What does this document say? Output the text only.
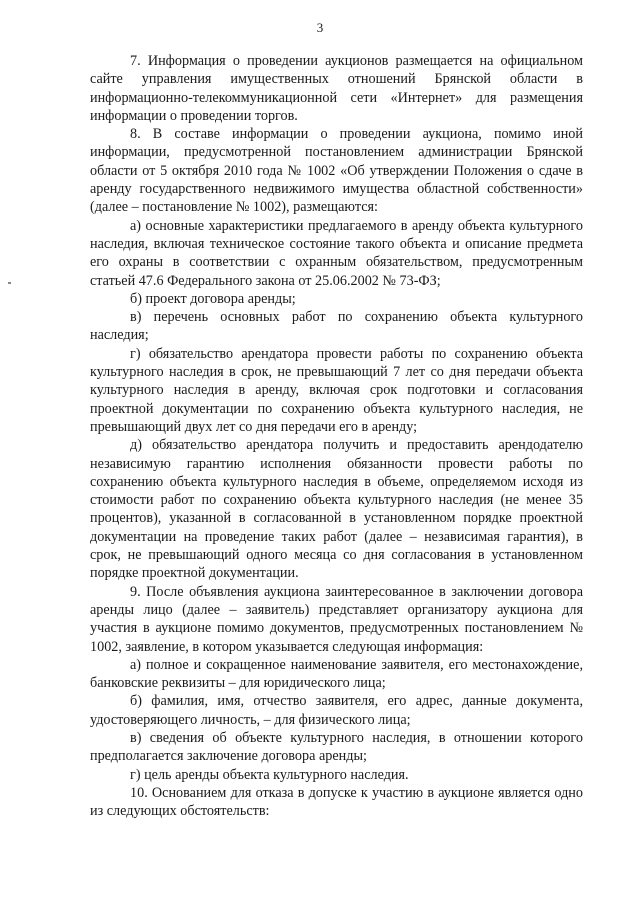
3

7. Информация о проведении аукционов размещается на официальном сайте управления имущественных отношений Брянской области в информационно-телекоммуникационной сети «Интернет» для размещения информации о проведении торгов.

8. В составе информации о проведении аукциона, помимо иной информации, предусмотренной постановлением администрации Брянской области от 5 октября 2010 года № 1002 «Об утверждении Положения о сдаче в аренду государственного недвижимого имущества областной собственности» (далее – постановление № 1002), размещаются:

а) основные характеристики предлагаемого в аренду объекта культурного наследия, включая техническое состояние такого объекта и описание предмета его охраны в соответствии с охранным обязательством, предусмотренным статьей 47.6 Федерального закона от 25.06.2002 № 73-ФЗ;

б) проект договора аренды;

в) перечень основных работ по сохранению объекта культурного наследия;

г) обязательство арендатора провести работы по сохранению объекта культурного наследия в срок, не превышающий 7 лет со дня передачи объекта культурного наследия в аренду, включая срок подготовки и согласования проектной документации по сохранению объекта культурного наследия, не превышающий двух лет со дня передачи его в аренду;

д) обязательство арендатора получить и предоставить арендодателю независимую гарантию исполнения обязанности провести работы по сохранению объекта культурного наследия в объеме, определяемом исходя из стоимости работ по сохранению объекта культурного наследия (не менее 35 процентов), указанной в согласованной в установленном порядке проектной документации на проведение таких работ (далее – независимая гарантия), в срок, не превышающий одного месяца со дня согласования в установленном порядке проектной документации.

9. После объявления аукциона заинтересованное в заключении договора аренды лицо (далее – заявитель) представляет организатору аукциона для участия в аукционе помимо документов, предусмотренных постановлением № 1002, заявление, в котором указывается следующая информация:

а) полное и сокращенное наименование заявителя, его местонахождение, банковские реквизиты – для юридического лица;

б) фамилия, имя, отчество заявителя, его адрес, данные документа, удостоверяющего личность, – для физического лица;

в) сведения об объекте культурного наследия, в отношении которого предполагается заключение договора аренды;

г) цель аренды объекта культурного наследия.

10. Основанием для отказа в допуске к участию в аукционе является одно из следующих обстоятельств:
